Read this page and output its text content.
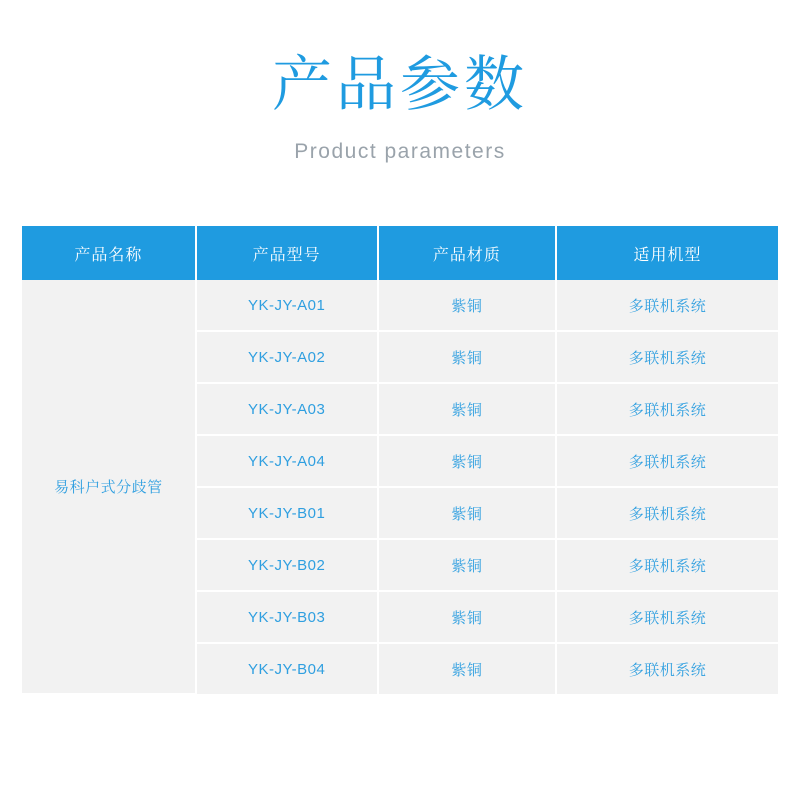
产品参数
Product parameters
产品名称	产品型号	产品材质	适用机型
易科户式分歧管	YK-JY-A01	紫铜	多联机系统
	YK-JY-A02	紫铜	多联机系统
	YK-JY-A03	紫铜	多联机系统
	YK-JY-A04	紫铜	多联机系统
	YK-JY-B01	紫铜	多联机系统
	YK-JY-B02	紫铜	多联机系统
	YK-JY-B03	紫铜	多联机系统
	YK-JY-B04	紫铜	多联机系统
